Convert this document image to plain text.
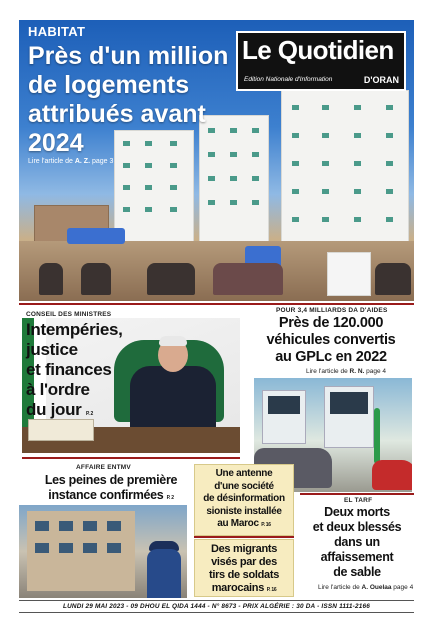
HABITAT
Près d'un million
de logements
attribués avant
2024
Lire l'article de A. Z. page 3
Le Quotidien
Edition Nationale d'Information	D'ORAN
CONSEIL DES MINISTRES
Intempéries,
justice
et finances
à l'ordre
du jour P. 2
POUR 3,4 MILLIARDS DA D'AIDES
Près de 120.000
véhicules convertis
au GPLc en 2022
Lire l'article de R. N. page 4
AFFAIRE ENTMV
Les peines de première
instance confirmées P. 2
Une antenne
d'une société
de désinformation
sioniste installée
au Maroc P. 16
Des migrants
visés par des
tirs de soldats
marocains P. 16
EL TARF
Deux morts
et deux blessés
dans un
affaissement
de sable
Lire l'article de A. Ouelaa page 4
LUNDI 29 MAI 2023 - 09 DHOU EL QIDA 1444 - N° 8673 - PRIX ALGÉRIE : 30 DA - ISSN 1111-2166
